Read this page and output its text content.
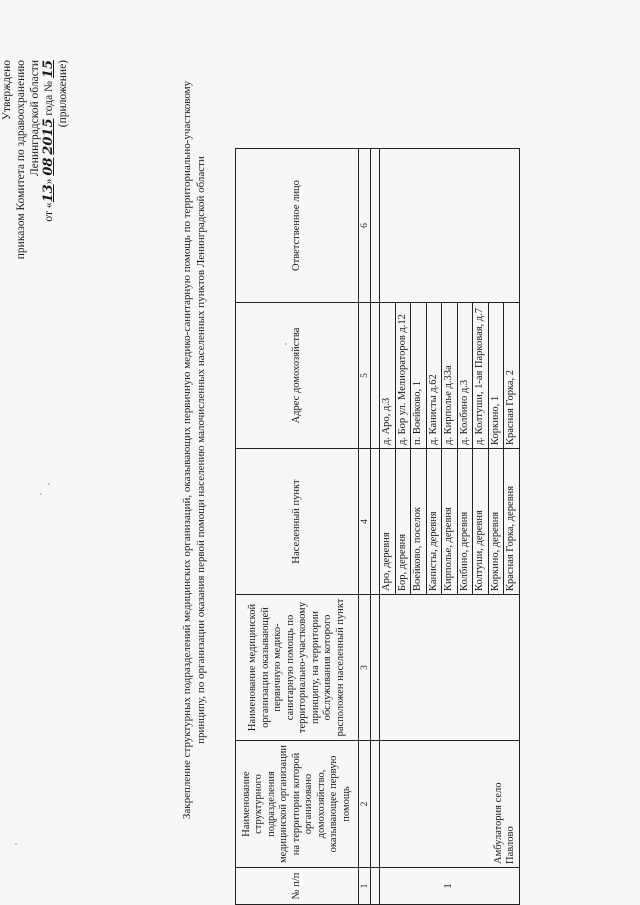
Утверждено приказом Комитета по здравоохранению Ленинградской области
от «13» 08 2015 года № 15 (приложение)	Закрепление структурных подразделений медицинских организаций, оказывающих первичную медико-санитарную помощь по территориально-участковому принципу, по организации оказания первой помощи населению малочисленных населенных пунктов Ленинградской области
№ п/п	Наименование структурного подразделения медицинской организации на территории которой организовано домохозяйство, оказывающее первую помощь	Наименование медицинской организации оказывающей первичную медико-санитарную помощь по территориально-участковому принципу, на территории обслуживания которого расположен населенный пункт	Населенный пункт	Адрес домохозяйства	Ответственное лицо
1	2	3	4	5	6

1	Амбулатория село Павлово		Аро, деревня	д. Аро, д.3	
			Бор, деревня	д. Бор ул. Мелиораторов д.12	
			Воейково, поселок	п. Воейково, 1	
			Канисты, деревня	д. Канисты д.62	
			Кирполье, деревня	д. Кирполье д.33а	
			Колбино, деревня	д. Колбино д.3	
			Колтуши, деревня	д. Колтуши, 1-ая Парковая, д.7	
			Коркино, деревня	Коркино, 1	
			Красная Горка, деревня	Красная Горка, 2	
